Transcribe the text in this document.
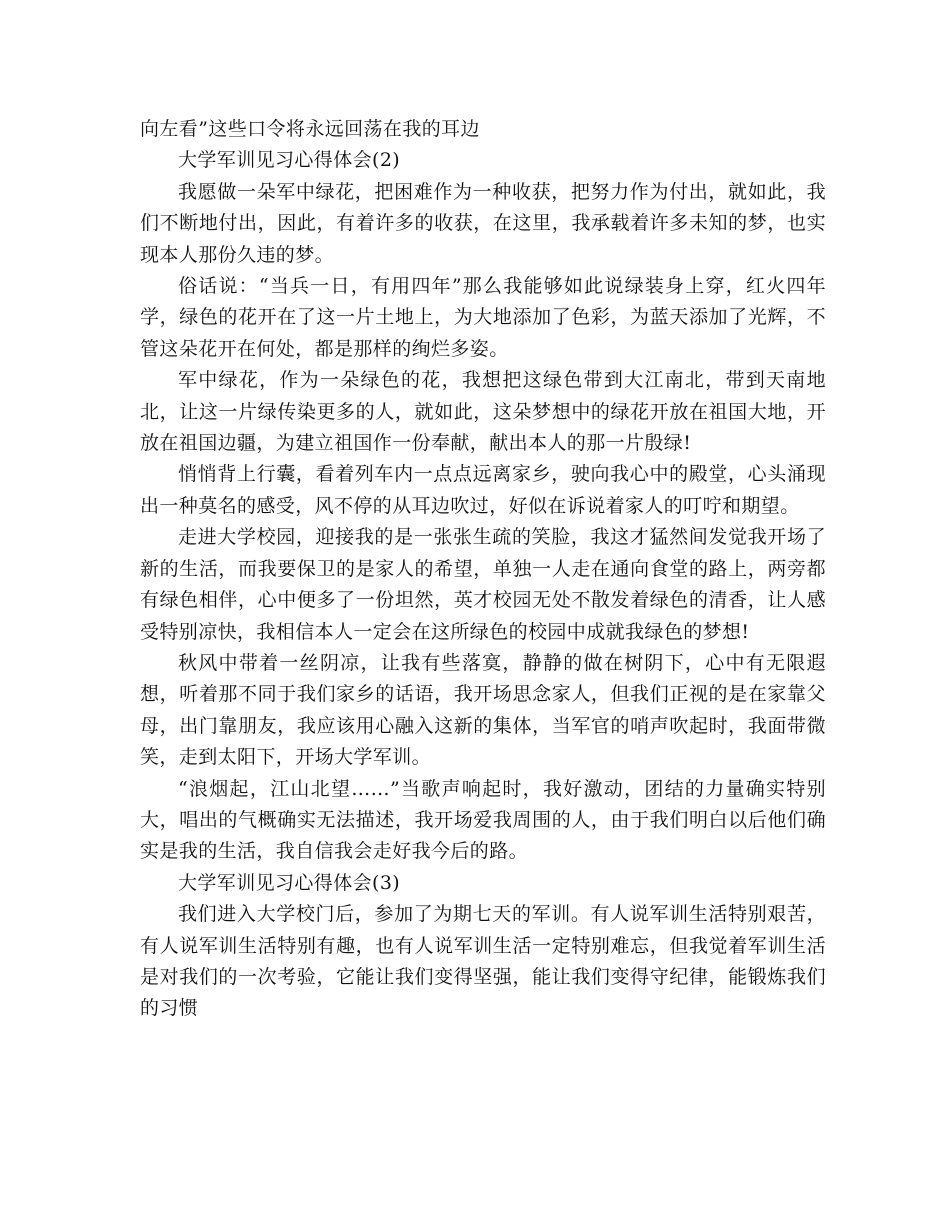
向左看”这些口令将永远回荡在我的耳边

大学军训见习心得体会(2)

我愿做一朵军中绿花，把困难作为一种收获，把努力作为付出，就如此，我们不断地付出，因此，有着许多的收获，在这里，我承载着许多未知的梦，也实现本人那份久违的梦。

俗话说：“当兵一日，有用四年”那么我能够如此说绿装身上穿，红火四年学，绿色的花开在了这一片土地上，为大地添加了色彩，为蓝天添加了光辉，不管这朵花开在何处，都是那样的绚烂多姿。

军中绿花，作为一朵绿色的花，我想把这绿色带到大江南北，带到天南地北，让这一片绿传染更多的人，就如此，这朵梦想中的绿花开放在祖国大地，开放在祖国边疆，为建立祖国作一份奉献，献出本人的那一片殷绿!

悄悄背上行囊，看着列车内一点点远离家乡，驶向我心中的殿堂，心头涌现出一种莫名的感受，风不停的从耳边吹过，好似在诉说着家人的叮咛和期望。

走进大学校园，迎接我的是一张张生疏的笑脸，我这才猛然间发觉我开场了新的生活，而我要保卫的是家人的希望，单独一人走在通向食堂的路上，两旁都有绿色相伴，心中便多了一份坦然，英才校园无处不散发着绿色的清香，让人感受特别凉快，我相信本人一定会在这所绿色的校园中成就我绿色的梦想!

秋风中带着一丝阴凉，让我有些落寞，静静的做在树阴下，心中有无限遐想，听着那不同于我们家乡的话语，我开场思念家人，但我们正视的是在家靠父母，出门靠朋友，我应该用心融入这新的集体，当军官的哨声吹起时，我面带微笑，走到太阳下，开场大学军训。

“浪烟起，江山北望……”当歌声响起时，我好激动，团结的力量确实特别大，唱出的气概确实无法描述，我开场爱我周围的人，由于我们明白以后他们确实是我的生活，我自信我会走好我今后的路。

大学军训见习心得体会(3)

我们进入大学校门后，参加了为期七天的军训。有人说军训生活特别艰苦，有人说军训生活特别有趣，也有人说军训生活一定特别难忘，但我觉着军训生活是对我们的一次考验，它能让我们变得坚强，能让我们变得守纪律，能锻炼我们的习惯
